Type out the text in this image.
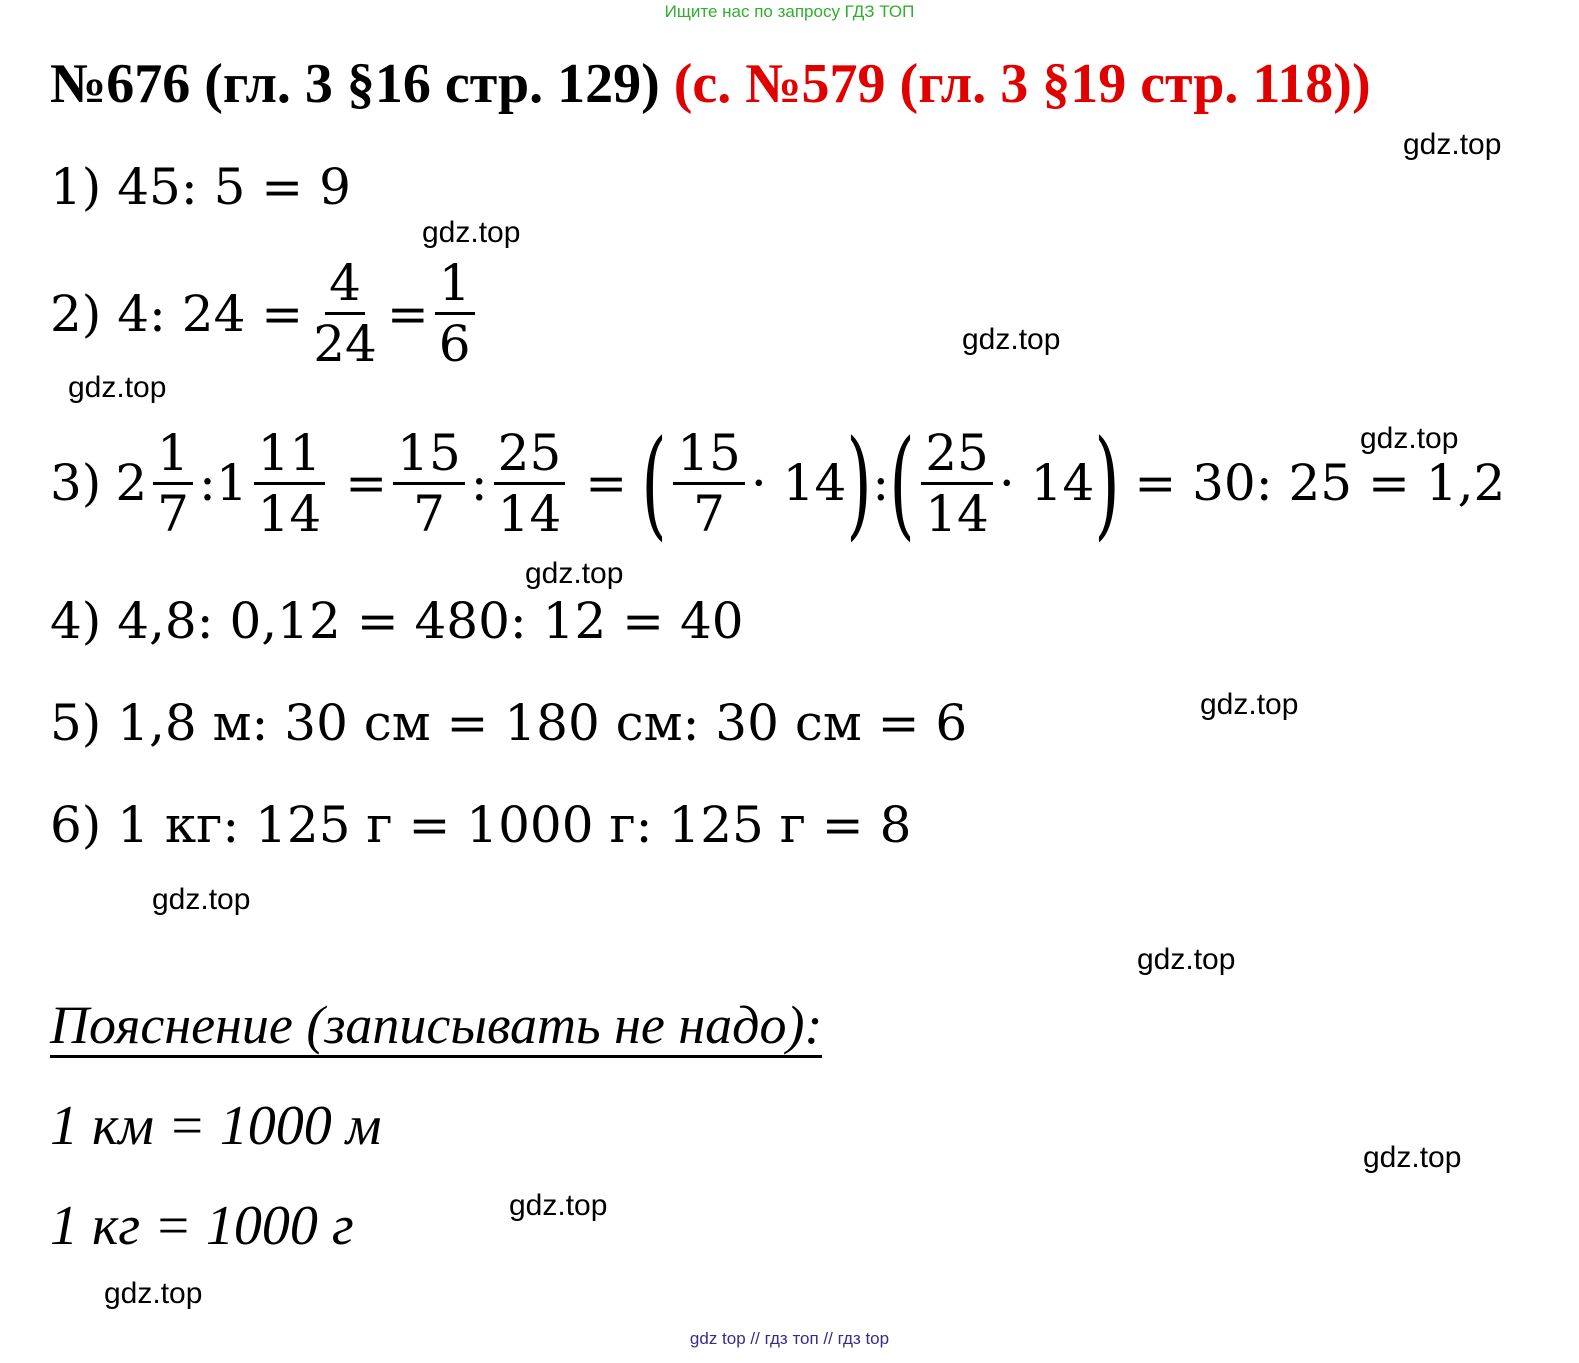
Ищите нас по запросу ГДЗ ТОП
№676 (гл. 3 §16 стр. 129) (с. №579 (гл. 3 §19 стр. 118))
1) 45: 5 = 9
2) 4: $24 = \frac{4}{24} = \frac{1}{6}$
3) $2 \frac{1}{7}$ : $1 \frac{11}{14} = \frac{15}{7}$ : $\frac{25}{14}$ = ( $\frac{15}{7} \cdot 14$ ) : ( $\frac{25}{14} \cdot 14$ ) = 30: 25 = 1,2
4) 4,8: 0,12 = 480: 12 = 40
5) 1,8 м: 30 см = 180 см: 30 см = 6
6) 1 кг: 125 г = 1000 г: 125 г = 8
Пояснение (записывать не надо):
1 км = 1000 м
1 кг = 1000 г
gdz.top
gdz.top
gdz.top
gdz.top
gdz.top
gdz.top
gdz.top
gdz.top
gdz.top
gdz.top
gdz.top
gdz.top
gdz top // гдз топ // гдз top
